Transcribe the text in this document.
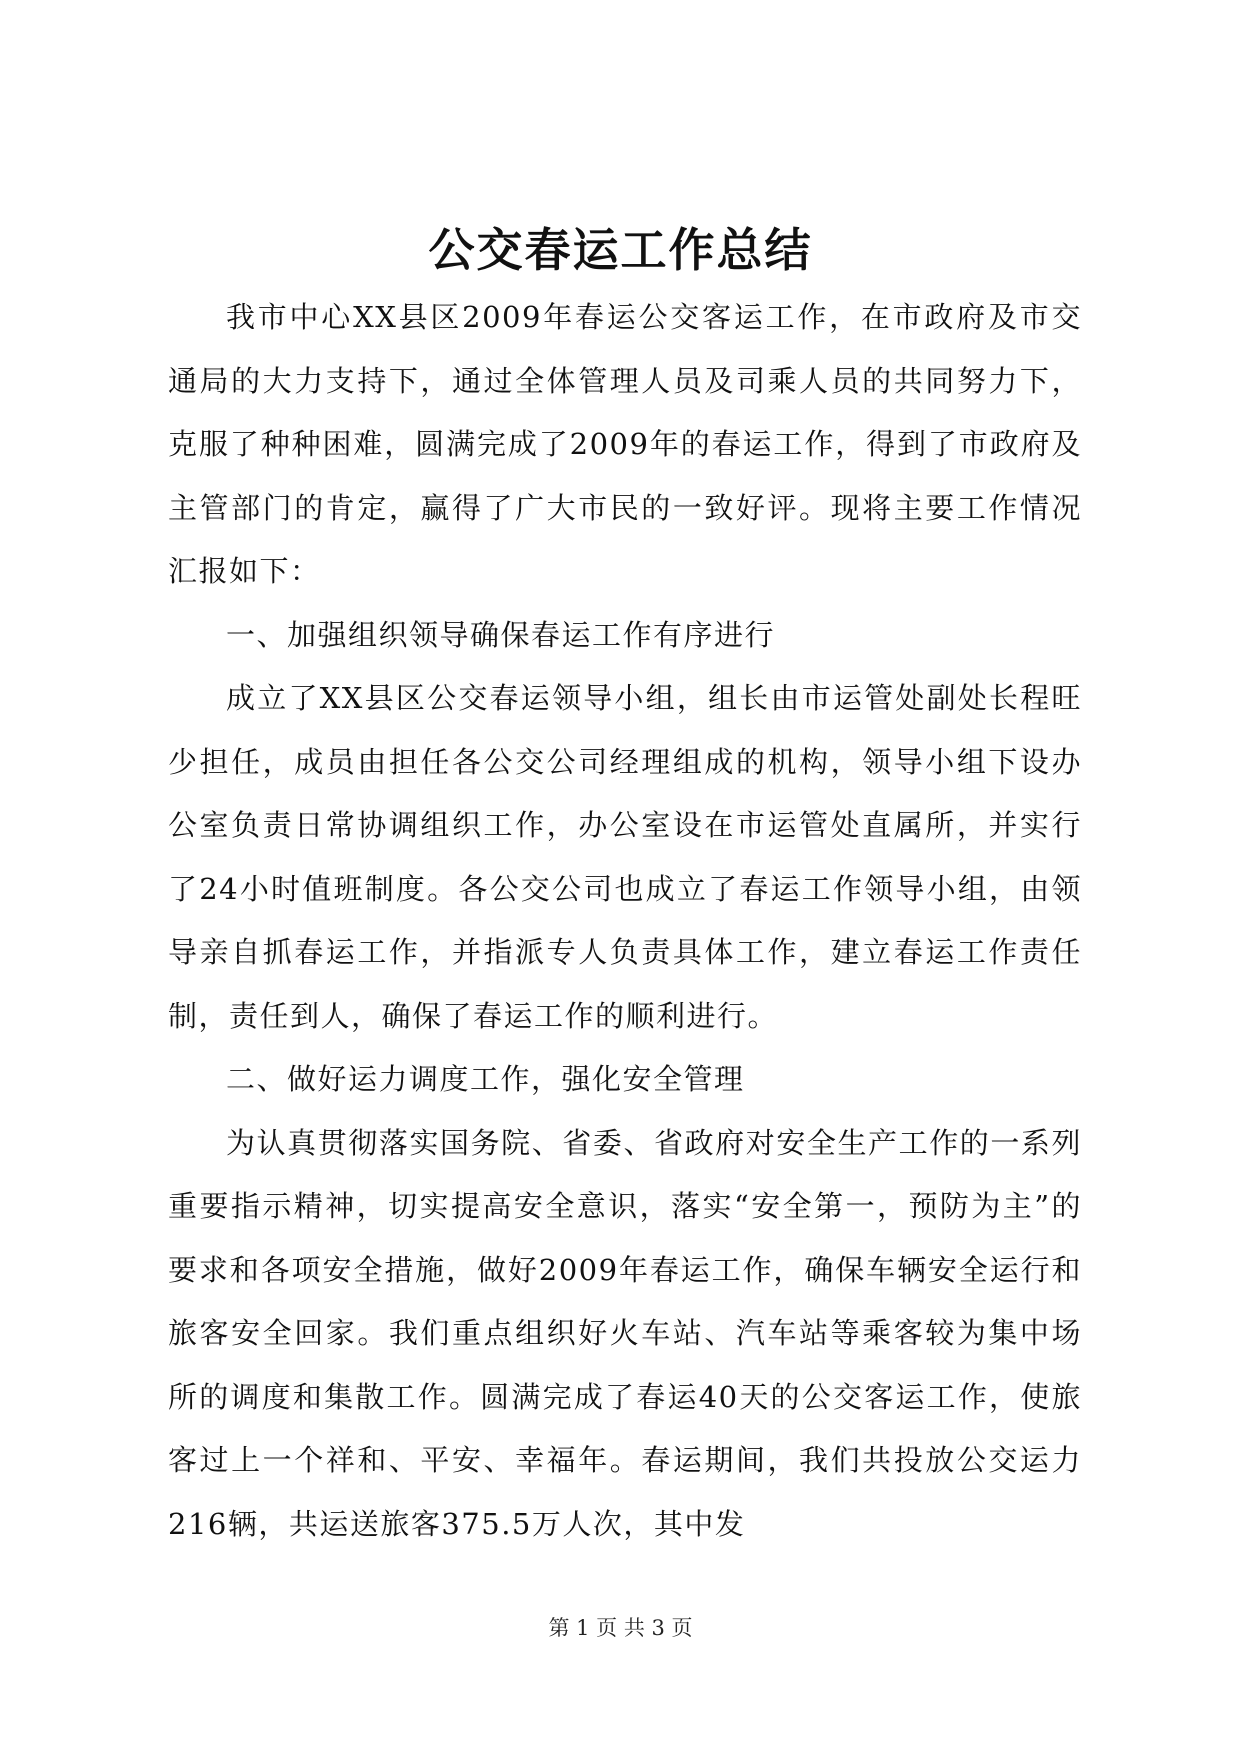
公交春运工作总结

我市中心XX县区2009年春运公交客运工作，在市政府及市交通局的大力支持下，通过全体管理人员及司乘人员的共同努力下，克服了种种困难，圆满完成了2009年的春运工作，得到了市政府及主管部门的肯定，赢得了广大市民的一致好评。现将主要工作情况汇报如下：

一、加强组织领导确保春运工作有序进行

成立了XX县区公交春运领导小组，组长由市运管处副处长程旺少担任，成员由担任各公交公司经理组成的机构，领导小组下设办公室负责日常协调组织工作，办公室设在市运管处直属所，并实行了24小时值班制度。各公交公司也成立了春运工作领导小组，由领导亲自抓春运工作，并指派专人负责具体工作，建立春运工作责任制，责任到人，确保了春运工作的顺利进行。

二、做好运力调度工作，强化安全管理

为认真贯彻落实国务院、省委、省政府对安全生产工作的一系列重要指示精神，切实提高安全意识，落实“安全第一，预防为主”的要求和各项安全措施，做好2009年春运工作，确保车辆安全运行和旅客安全回家。我们重点组织好火车站、汽车站等乘客较为集中场所的调度和集散工作。圆满完成了春运40天的公交客运工作，使旅客过上一个祥和、平安、幸福年。春运期间，我们共投放公交运力216辆，共运送旅客375.5万人次，其中发

第 1 页 共 3 页
